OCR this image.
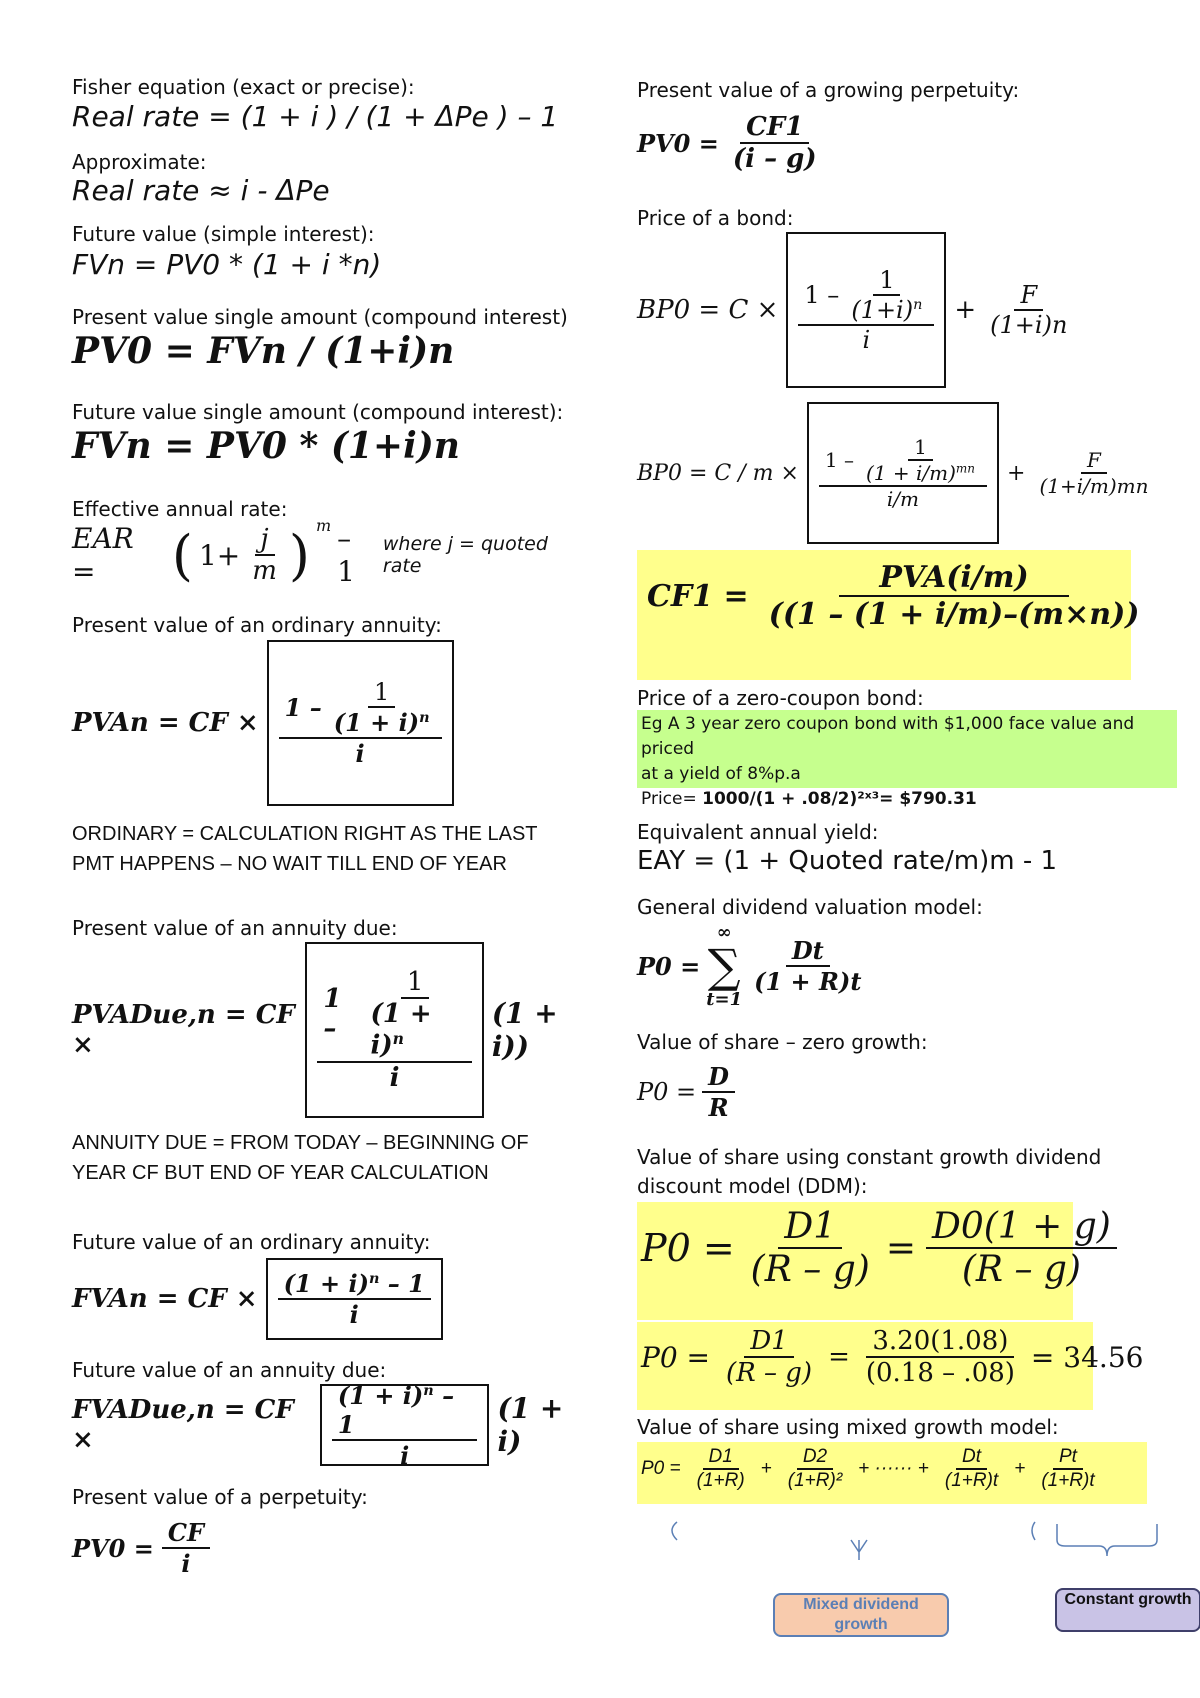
Fisher equation (exact or precise):
Real rate = (1 + i ) / (1 + ΔPe ) – 1
Approximate:
Real rate ≈ i - ΔPe
Future value (simple interest):
FVn = PV0 * (1 + i *n)
Present value single amount (compound interest)
PV0 = FVn / (1+i)n
Future value single amount (compound interest):
FVn = PV0 * (1+i)n
Effective annual rate:
EAR =	( $1+ \frac{j}{m}$ ) m –1
where j = quoted rate
Present value of an ordinary annuity:
PVAn = CF × $\frac{1 - \frac{1}{(1 + i)^n}}{i}$
ORDINARY = CALCULATION RIGHT AS THE LAST
PMT HAPPENS – NO WAIT TILL END OF YEAR
Present value of an annuity due:
PVADue,n = CF ×	1 –	$\frac{1}{(1 + i)^n}$
i (1 + i))
ANNUITY DUE = FROM TODAY – BEGINNING OF
YEAR CF BUT END OF YEAR CALCULATION
Future value of an ordinary annuity:
FVAn = CF × $\frac{(1 + i)^n - 1}{i}$
Future value of an annuity due:
FVADue,n = CF ×	$\frac{(1 + i)^n - 1}{i} (1 + i)$
Present value of a perpetuity:
$PV0 = \frac{CF}{i}$
Present value of a growing perpetuity:
$PV0 = \frac{CF1}{(i - g)}$
Price of a bond:
$BP0 = C \times \frac{1 - \frac{1}{(1+i)^n}}{i} + \frac{F}{(1+i)n}$
$BP0 = C / m \times \frac{1 - \frac{1}{(1 + i/m)^{mn}}}{i/m} + \frac{F}{(1+i/m)mn}$
$CF1 = \frac{\text{PVA(i/m)}}{((1 - (1 + i/m)-(m\times n))}$
Price of a zero-coupon bond:
Eg A 3 year zero coupon bond with $1,000 face value and priced
at a yield of 8%p.a
Price= 1000/(1 + .08/2)²ˣ³= $790.31
Equivalent annual yield:
EAY = (1 + Quoted rate/m)m - 1
General dividend valuation model:
P0 =
∞
∑
t=1
$\frac{Dt}{(1 + R)t}$
Value of share – zero growth:
$P0 = \frac{D}{R}$
Value of share using constant growth dividend
discount model (DDM):
$P0 = \frac{D1}{(R - g)} = \frac{D0(1 + g)}{(R - g)}$
$P0 = \frac{D1}{(R - g)} = \frac{3.20(1.08)}{(0.18 - .08)} = 34.56$
Value of share using mixed growth model:
$P0 = \frac{D1}{(1+R)} + \frac{D2}{\text{(1+R)²}}$ + ······ + $\frac{Dt}{(1+R)t} + \frac{Pt}{(1+R)t}$
Mixed dividend growth
Constant growth
